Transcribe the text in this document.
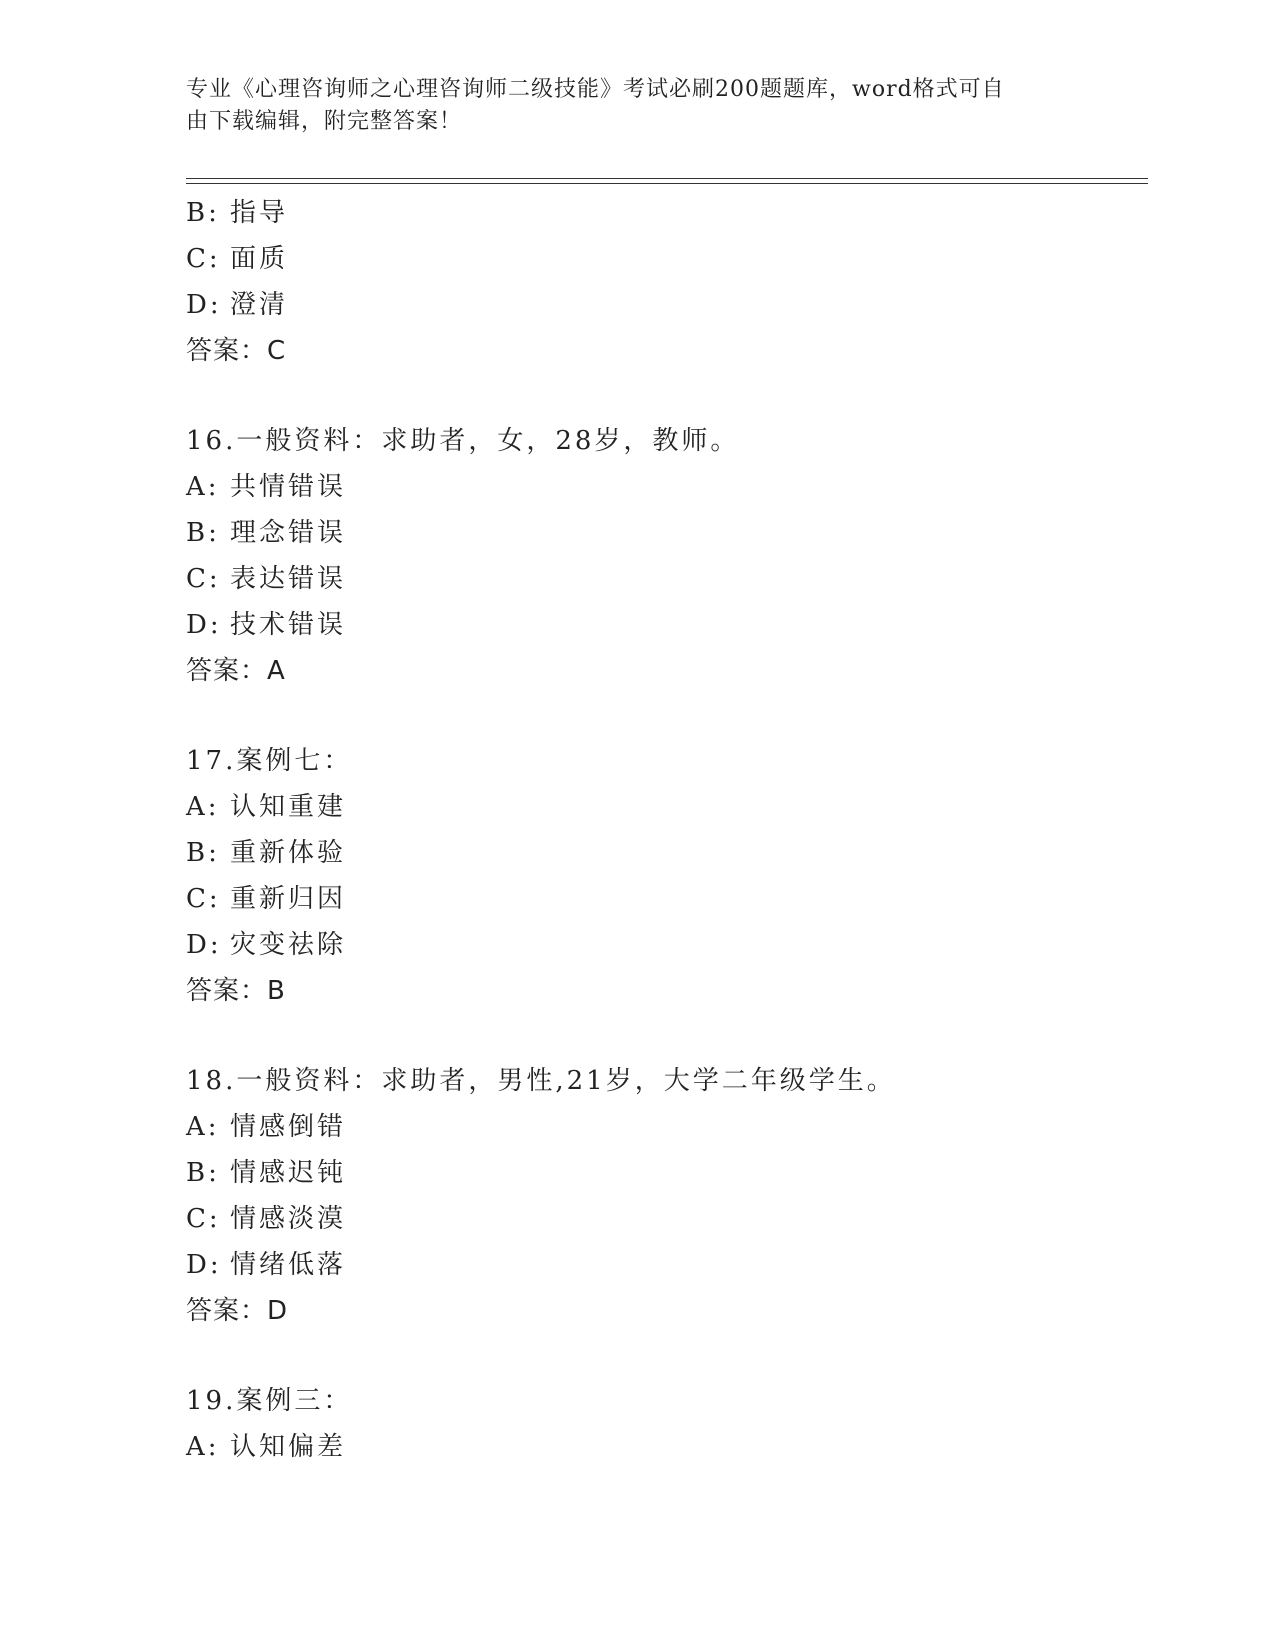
专业《心理咨询师之心理咨询师二级技能》考试必刷200题题库，word格式可自
由下载编辑，附完整答案！
B: 指导
C: 面质
D: 澄清
答案：C
16.一般资料：求助者，女，28岁，教师。
A: 共情错误
B: 理念错误
C: 表达错误
D: 技术错误
答案：A
17.案例七：
A: 认知重建
B: 重新体验
C: 重新归因
D: 灾变祛除
答案：B
18.一般资料：求助者，男性,21岁，大学二年级学生。
A: 情感倒错
B: 情感迟钝
C: 情感淡漠
D: 情绪低落
答案：D
19.案例三：
A: 认知偏差
